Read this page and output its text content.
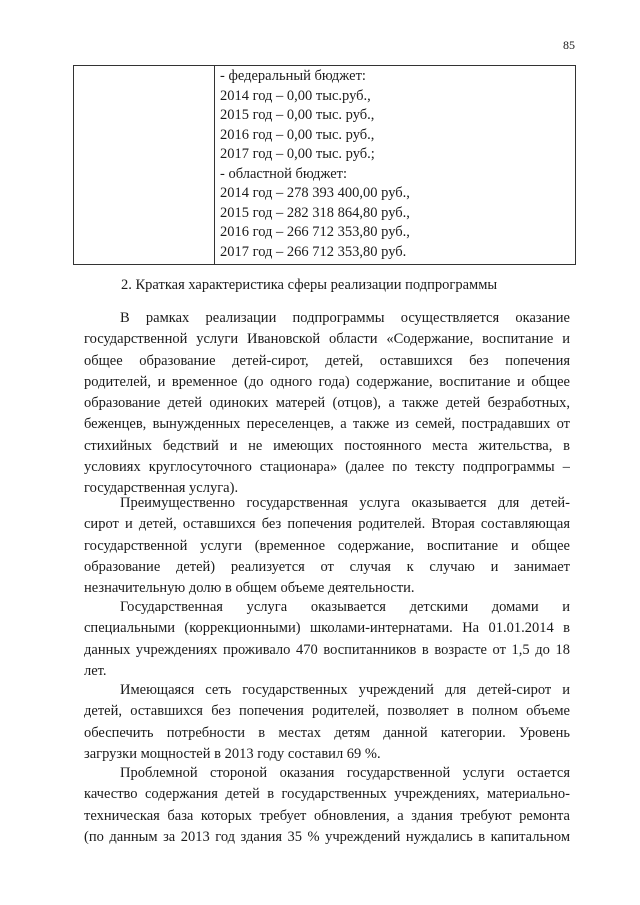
85

- федеральный бюджет:
2014 год – 0,00 тыс.руб.,
2015 год – 0,00 тыс. руб.,
2016 год – 0,00 тыс. руб.,
2017 год – 0,00 тыс. руб.;
- областной бюджет:
2014 год – 278 393 400,00 руб.,
2015 год – 282 318 864,80 руб.,
2016 год – 266 712 353,80 руб.,
2017 год – 266 712 353,80 руб.
2. Краткая характеристика сферы реализации подпрограммы
В рамках реализации подпрограммы осуществляется оказание
государственной услуги Ивановской области «Содержание, воспитание и
общее образование детей-сирот, детей, оставшихся без попечения
родителей, и временное (до одного года) содержание, воспитание и общее
образование детей одиноких матерей (отцов), а также детей безработных,
беженцев, вынужденных переселенцев, а также из семей, пострадавших от
стихийных бедствий и не имеющих постоянного места жительства, в
условиях круглосуточного стационара» (далее по тексту подпрограммы –
государственная услуга).
Преимущественно государственная услуга оказывается для детей-
сирот и детей, оставшихся без попечения родителей. Вторая составляющая
государственной услуги (временное содержание, воспитание и общее
образование детей) реализуется от случая к случаю и занимает
незначительную долю в общем объеме деятельности.
Государственная услуга оказывается детскими домами и
специальными (коррекционными) школами-интернатами. На 01.01.2014 в
данных учреждениях проживало 470 воспитанников в возрасте от 1,5 до 18
лет.
Имеющаяся сеть государственных учреждений для детей-сирот и
детей, оставшихся без попечения родителей, позволяет в полном объеме
обеспечить потребности в местах детям данной категории. Уровень
загрузки мощностей в 2013 году составил 69 %.
Проблемной стороной оказания государственной услуги остается
качество содержания детей в государственных учреждениях, материально-
техническая база которых требует обновления, а здания требуют ремонта
(по данным за 2013 год здания 35 % учреждений нуждались в капитальном
